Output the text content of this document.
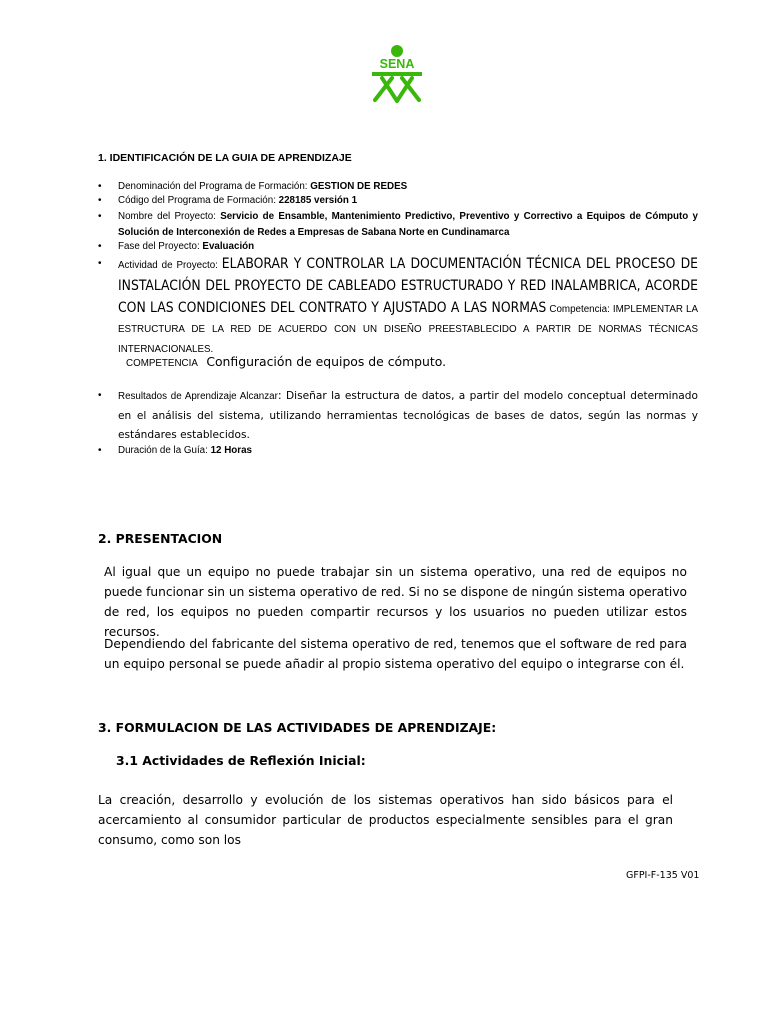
SENA
1. IDENTIFICACIÓN DE LA GUIA DE APRENDIZAJE
• Denominación del Programa de Formación: GESTION DE REDES
• Código del Programa de Formación: 228185 versión 1
• Nombre del Proyecto: Servicio de Ensamble, Mantenimiento Predictivo, Preventivo y Correctivo a Equipos de Cómputo y Solución de Interconexión de Redes a Empresas de Sabana Norte en Cundinamarca
• Fase del Proyecto: Evaluación
• Actividad de Proyecto: ELABORAR Y CONTROLAR LA DOCUMENTACIÓN TÉCNICA DEL PROCESO DE INSTALACIÓN DEL PROYECTO DE CABLEADO ESTRUCTURADO Y RED INALAMBRICA, ACORDE CON LAS CONDICIONES DEL CONTRATO Y AJUSTADO A LAS NORMAS Competencia: IMPLEMENTAR LA ESTRUCTURA DE LA RED DE ACUERDO CON UN DISEÑO PREESTABLECIDO A PARTIR DE NORMAS TÉCNICAS INTERNACIONALES.
COMPETENCIA Configuración de equipos de cómputo.
• Resultados de Aprendizaje Alcanzar: Diseñar la estructura de datos, a partir del modelo conceptual determinado en el análisis del sistema, utilizando herramientas tecnológicas de bases de datos, según las normas y estándares establecidos.
• Duración de la Guía: 12 Horas
2. PRESENTACION
Al igual que un equipo no puede trabajar sin un sistema operativo, una red de equipos no puede funcionar sin un sistema operativo de red. Si no se dispone de ningún sistema operativo de red, los equipos no pueden compartir recursos y los usuarios no pueden utilizar estos recursos.
Dependiendo del fabricante del sistema operativo de red, tenemos que el software de red para un equipo personal se puede añadir al propio sistema operativo del equipo o integrarse con él.
3. FORMULACION DE LAS ACTIVIDADES DE APRENDIZAJE:
3.1 Actividades de Reflexión Inicial:
La creación, desarrollo y evolución de los sistemas operativos han sido básicos para el acercamiento al consumidor particular de productos especialmente sensibles para el gran consumo, como son los
GFPI-F-135 V01
